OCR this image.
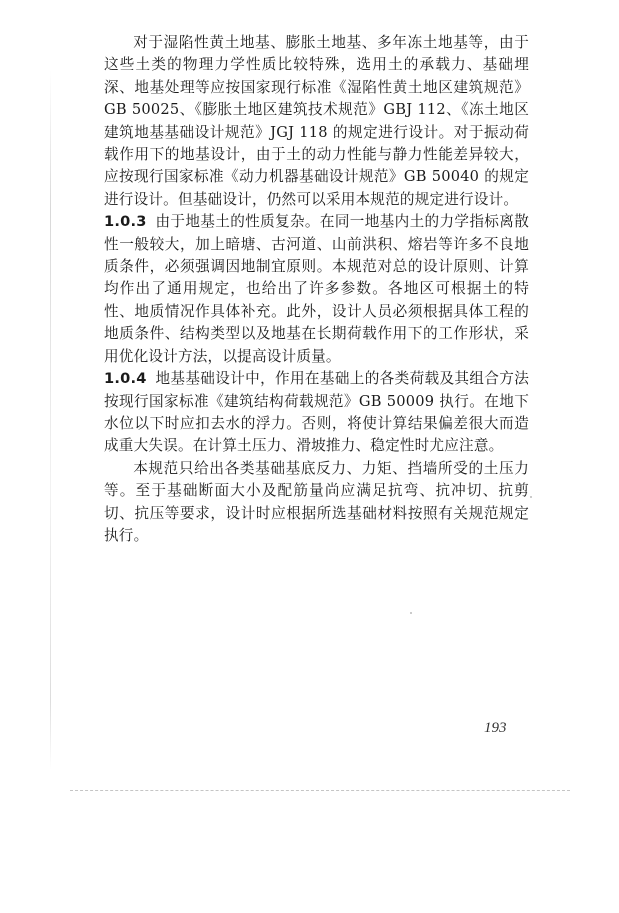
对于湿陷性黄土地基、膨胀土地基、多年冻土地基等，由于这些土类的物理力学性质比较特殊，选用土的承载力、基础埋深、地基处理等应按国家现行标准《湿陷性黄土地区建筑规范》GB 50025、《膨胀土地区建筑技术规范》GBJ 112、《冻土地区建筑地基基础设计规范》JGJ 118 的规定进行设计。对于振动荷载作用下的地基设计，由于土的动力性能与静力性能差异较大，应按现行国家标准《动力机器基础设计规范》GB 50040 的规定进行设计。但基础设计，仍然可以采用本规范的规定进行设计。

1.0.3 由于地基土的性质复杂。在同一地基内土的力学指标离散性一般较大，加上暗塘、古河道、山前洪积、熔岩等许多不良地质条件，必须强调因地制宜原则。本规范对总的设计原则、计算均作出了通用规定，也给出了许多参数。各地区可根据土的特性、地质情况作具体补充。此外，设计人员必须根据具体工程的地质条件、结构类型以及地基在长期荷载作用下的工作形状，采用优化设计方法，以提高设计质量。

1.0.4 地基基础设计中，作用在基础上的各类荷载及其组合方法按现行国家标准《建筑结构荷载规范》GB 50009 执行。在地下水位以下时应扣去水的浮力。否则，将使计算结果偏差很大而造成重大失误。在计算土压力、滑坡推力、稳定性时尤应注意。

本规范只给出各类基础基底反力、力矩、挡墙所受的土压力等。至于基础断面大小及配筋量尚应满足抗弯、抗冲切、抗剪切、抗压等要求，设计时应根据所选基础材料按照有关规范规定执行。

193
